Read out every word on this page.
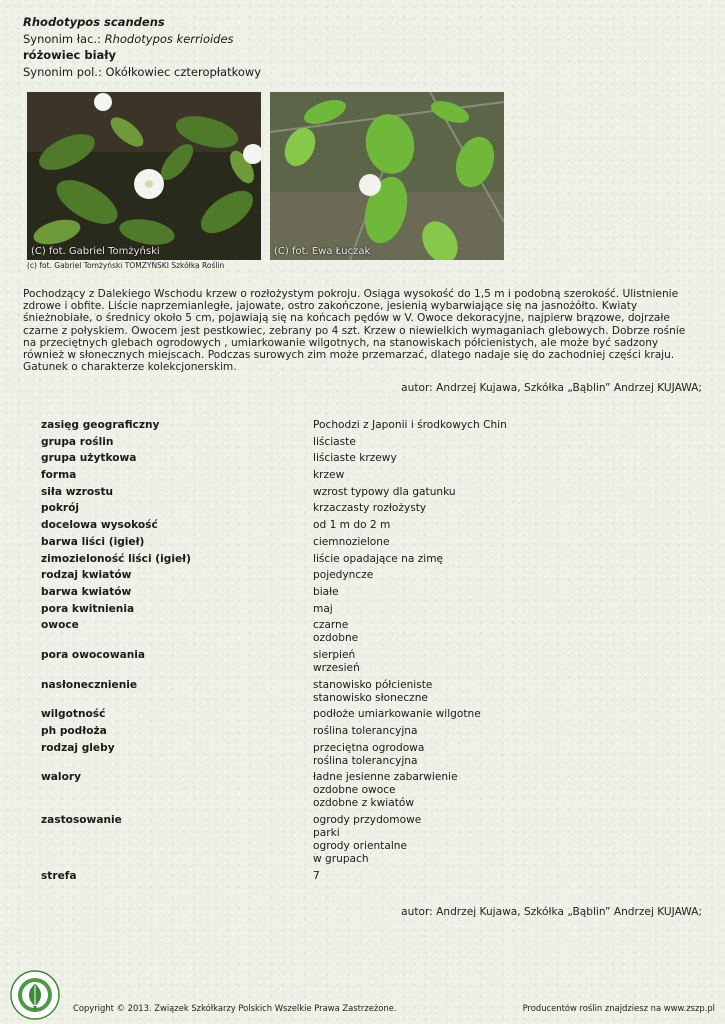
Rhodotypos scandens
Synonim łac.: Rhodotypos kerrioides
różowiec biały
Synonim pol.: Okółkowiec czteropłatkowy
(C) fot. Gabriel Tomżyński	(C) fot. Ewa Łuczak
(c) fot. Gabriel Tomżyński TOMZYŃSKI Szkółka Roślin
Pochodzący z Dalekiego Wschodu krzew o rozłożystym pokroju. Osiąga wysokość do 1,5 m i podobną szerokość. Ulistnienie zdrowe i obfite. Liście naprzemianległe, jajowate, ostro zakończone, jesienią wybarwiające się na jasnożółto. Kwiaty śnieżnobiałe, o średnicy około 5 cm, pojawiają się na końcach pędów w V. Owoce dekoracyjne, najpierw brązowe, dojrzałe czarne z połyskiem. Owocem jest pestkowiec, zebrany po 4 szt. Krzew o niewielkich wymaganiach glebowych. Dobrze rośnie na przeciętnych glebach ogrodowych , umiarkowanie wilgotnych, na stanowiskach półcienistych, ale może być sadzony również w słonecznych miejscach. Podczas surowych zim może przemarzać, dlatego nadaje się do zachodniej części kraju. Gatunek o charakterze kolekcjonerskim.
autor: Andrzej Kujawa, Szkółka „Bąblin” Andrzej KUJAWA;
zasięg geograficzny	Pochodzi z Japonii i środkowych Chin
grupa roślin	liściaste
grupa użytkowa	liściaste krzewy
forma	krzew
siła wzrostu	wzrost typowy dla gatunku
pokrój	krzaczasty rozłożysty
docelowa wysokość	od 1 m do 2 m
barwa liści (igieł)	ciemnozielone
zimozieloność liści (igieł)	liście opadające na zimę
rodzaj kwiatów	pojedyncze
barwa kwiatów	białe
pora kwitnienia	maj
owoce	czarne
ozdobne
pora owocowania	sierpień
wrzesień
nasłonecznienie	stanowisko półcieniste
stanowisko słoneczne
wilgotność	podłoże umiarkowanie wilgotne
ph podłoża	roślina tolerancyjna
rodzaj gleby	przeciętna ogrodowa
roślina tolerancyjna
walory	ładne jesienne zabarwienie
ozdobne owoce
ozdobne z kwiatów
zastosowanie	ogrody przydomowe
parki
ogrody orientalne
w grupach
strefa	7
autor: Andrzej Kujawa, Szkółka „Bąblin” Andrzej KUJAWA;
Copyright © 2013. Związek Szkółkarzy Polskich Wszelkie Prawa Zastrzeżone.	Producentów roślin znajdziesz na www.zszp.pl
